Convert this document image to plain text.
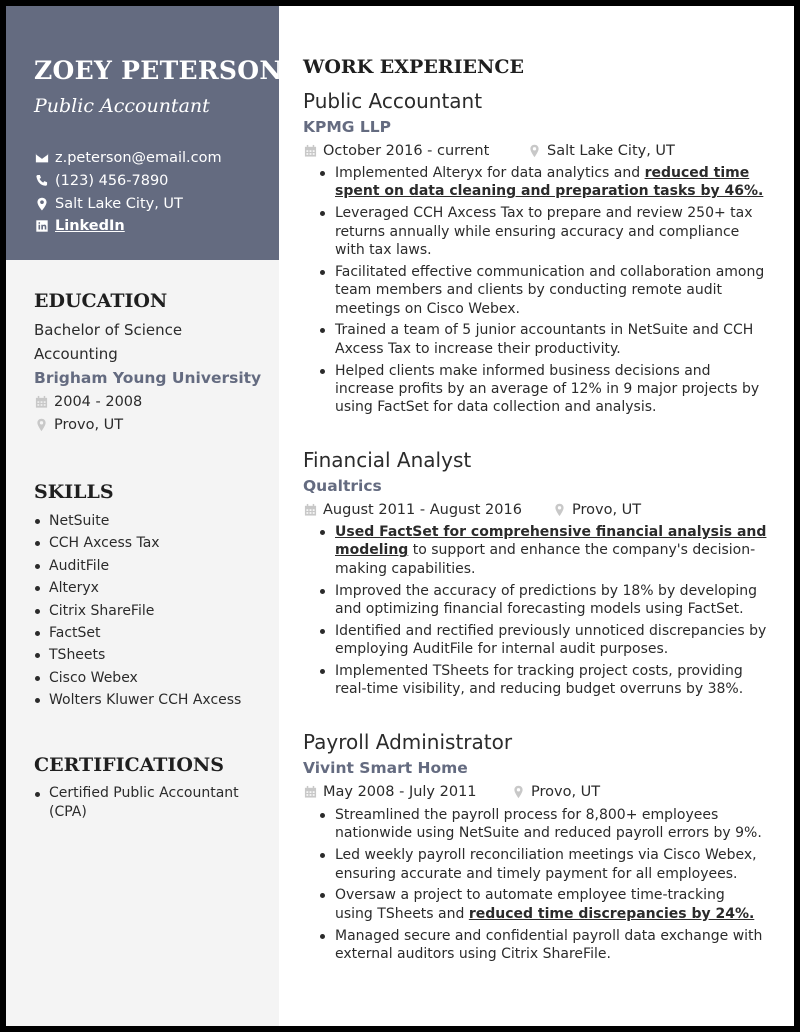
ZOEY PETERSON
Public Accountant
z.peterson@email.com
(123) 456-7890
Salt Lake City, UT
LinkedIn
EDUCATION
Bachelor of Science
Accounting
Brigham Young University
2004 - 2008
Provo, UT
SKILLS
NetSuite
CCH Axcess Tax
AuditFile
Alteryx
Citrix ShareFile
FactSet
TSheets
Cisco Webex
Wolters Kluwer CCH Axcess
CERTIFICATIONS
Certified Public Accountant (CPA)
WORK EXPERIENCE
Public Accountant
KPMG LLP
October 2016 - current	Salt Lake City, UT
Implemented Alteryx for data analytics and reduced time spent on data cleaning and preparation tasks by 46%.
Leveraged CCH Axcess Tax to prepare and review 250+ tax returns annually while ensuring accuracy and compliance with tax laws.
Facilitated effective communication and collaboration among team members and clients by conducting remote audit meetings on Cisco Webex.
Trained a team of 5 junior accountants in NetSuite and CCH Axcess Tax to increase their productivity.
Helped clients make informed business decisions and increase profits by an average of 12% in 9 major projects by using FactSet for data collection and analysis.
Financial Analyst
Qualtrics
August 2011 - August 2016	Provo, UT
Used FactSet for comprehensive financial analysis and modeling to support and enhance the company's decision-making capabilities.
Improved the accuracy of predictions by 18% by developing and optimizing financial forecasting models using FactSet.
Identified and rectified previously unnoticed discrepancies by employing AuditFile for internal audit purposes.
Implemented TSheets for tracking project costs, providing real-time visibility, and reducing budget overruns by 38%.
Payroll Administrator
Vivint Smart Home
May 2008 - July 2011	Provo, UT
Streamlined the payroll process for 8,800+ employees nationwide using NetSuite and reduced payroll errors by 9%.
Led weekly payroll reconciliation meetings via Cisco Webex, ensuring accurate and timely payment for all employees.
Oversaw a project to automate employee time-tracking using TSheets and reduced time discrepancies by 24%.
Managed secure and confidential payroll data exchange with external auditors using Citrix ShareFile.
